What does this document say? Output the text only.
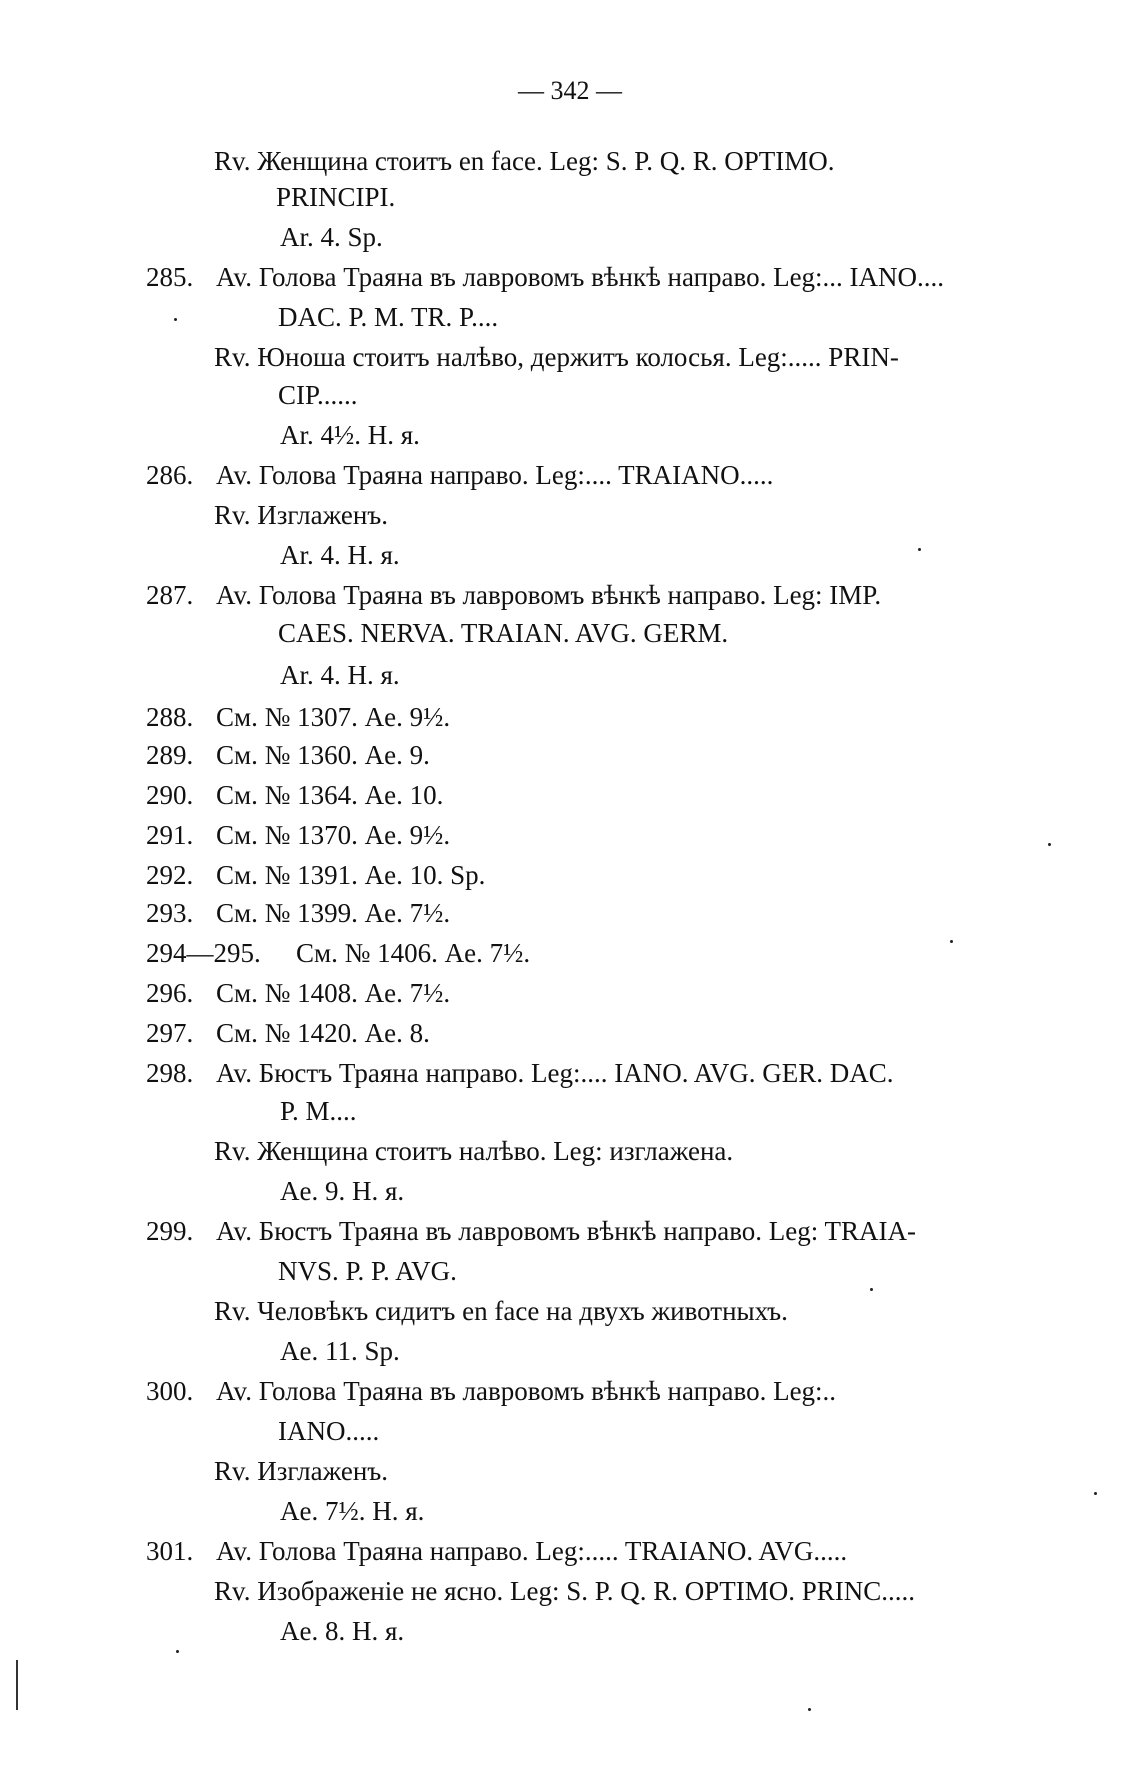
— 342 —
Rv. Женщина стоитъ en face. Leg: S. P. Q. R. OPTIMO.
PRINCIPI.
Ar. 4. Sp.
285. Av. Голова Траяна въ лавровомъ вѣнкѣ направо. Leg:... IANO....
DAC. P. M. TR. P....
Rv. Юноша стоитъ налѣво, держитъ колосья. Leg:..... PRIN-
CIP......
Ar. 4½. H. я.
286. Av. Голова Траяна направо. Leg:.... TRAIANO.....
Rv. Изглаженъ.
Ar. 4. H. я.
287. Av. Голова Траяна въ лавровомъ вѣнкѣ направо. Leg: IMP.
CAES. NERVA. TRAIAN. AVG. GERM.
Ar. 4. H. я.
288. См. № 1307. Ae. 9½.
289. См. № 1360. Ae. 9.
290. См. № 1364. Ae. 10.
291. См. № 1370. Ae. 9½.
292. См. № 1391. Ae. 10. Sp.
293. См. № 1399. Ae. 7½.
294—295. См. № 1406. Ae. 7½.
296. См. № 1408. Ae. 7½.
297. См. № 1420. Ae. 8.
298. Av. Бюстъ Траяна направо. Leg:.... IANO. AVG. GER. DAC.
P. M....
Rv. Женщина стоитъ налѣво. Leg: изглажена.
Ae. 9. H. я.
299. Av. Бюстъ Траяна въ лавровомъ вѣнкѣ направо. Leg: TRAIA-
NVS. P. P. AVG.
Rv. Человѣкъ сидитъ en face на двухъ животныхъ.
Ae. 11. Sp.
300. Av. Голова Траяна въ лавровомъ вѣнкѣ направо. Leg:..
IANO.....
Rv. Изглаженъ.
Ae. 7½. H. я.
301. Av. Голова Траяна направо. Leg:..... TRAIANO. AVG.....
Rv. Изображеніе не ясно. Leg: S. P. Q. R. OPTIMO. PRINC.....
Ae. 8. H. я.
